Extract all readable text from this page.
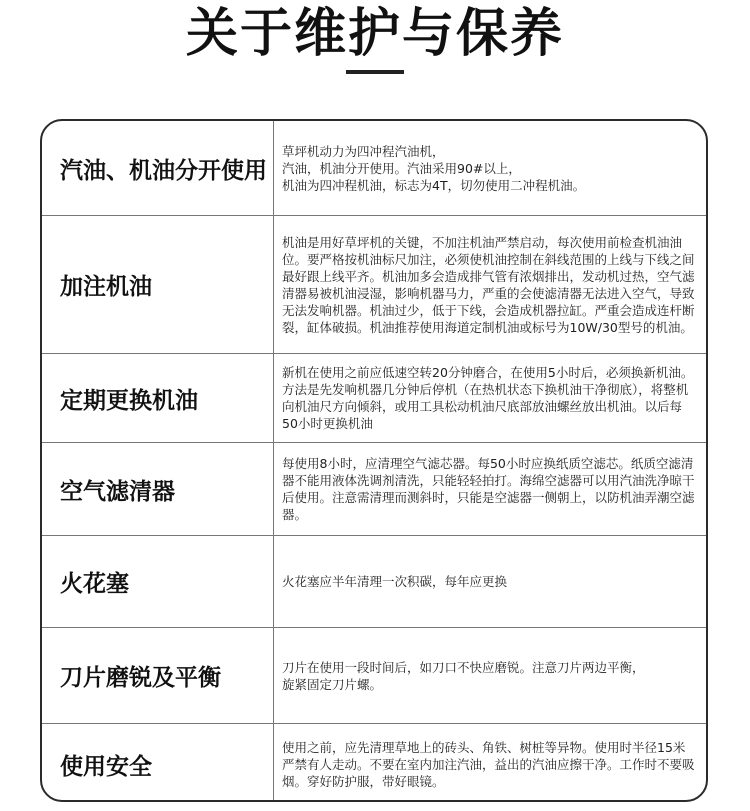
关于维护与保养
汽油、机油分开使用
草坪机动力为四冲程汽油机，
汽油，机油分开使用。汽油采用90#以上，
机油为四冲程机油，标志为4T，切勿使用二冲程机油。
加注机油
机油是用好草坪机的关键，不加注机油严禁启动，每次使用前检查机油油位。要严格按机油标尺加注，必须使机油控制在斜线范围的上线与下线之间最好跟上线平齐。机油加多会造成排气管有浓烟排出，发动机过热，空气滤清器易被机油浸湿，影响机器马力，严重的会使滤清器无法进入空气，导致无法发响机器。机油过少，低于下线，会造成机器拉缸。严重会造成连杆断裂，缸体破损。机油推荐使用海道定制机油或标号为10W/30型号的机油。
定期更换机油
新机在使用之前应低速空转20分钟磨合，在使用5小时后，必须换新机油。方法是先发响机器几分钟后停机（在热机状态下换机油干净彻底），将整机向机油尺方向倾斜，或用工具松动机油尺底部放油螺丝放出机油。以后每50小时更换机油
空气滤清器
每使用8小时，应清理空气滤芯器。每50小时应换纸质空滤芯。纸质空滤清器不能用液体洗调剂清洗，只能轻轻拍打。海绵空滤器可以用汽油洗净晾干后使用。注意需清理而测斜时，只能是空滤器一侧朝上，以防机油弄潮空滤器。
火花塞	火花塞应半年清理一次积碳，每年应更换
刀片磨锐及平衡	刀片在使用一段时间后，如刀口不快应磨锐。注意刀片两边平衡，
旋紧固定刀片螺。
使用安全
使用之前，应先清理草地上的砖头、角铁、树桩等异物。使用时半径15米严禁有人走动。不要在室内加注汽油，益出的汽油应擦干净。工作时不要吸烟。穿好防护服，带好眼镜。
